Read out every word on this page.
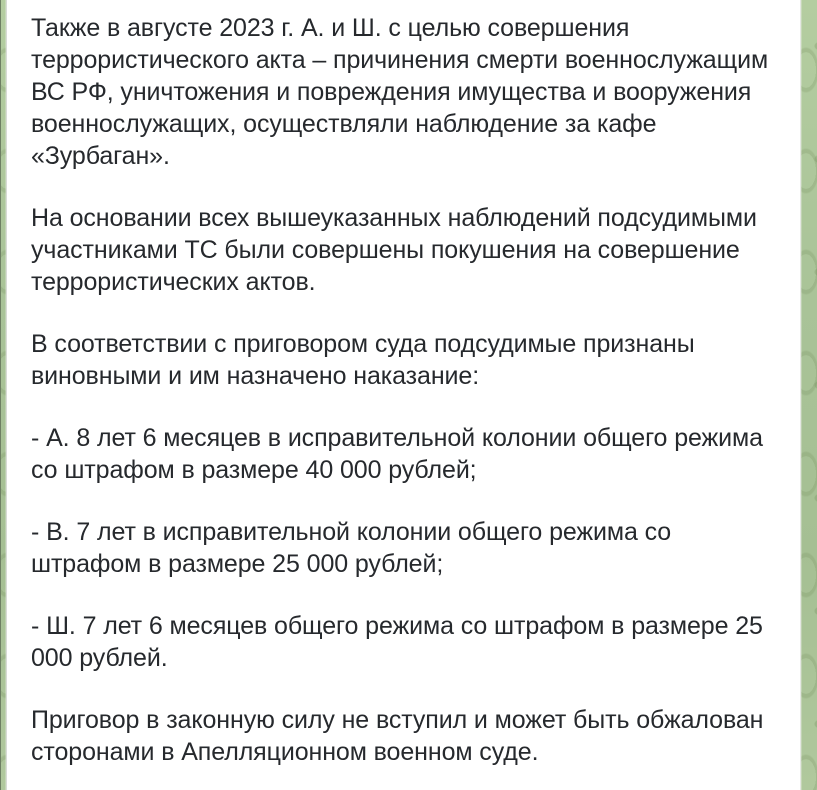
Также в августе 2023 г. А. и Ш. с целью совершения террористического акта – причинения смерти военнослужащим ВС РФ, уничтожения и повреждения имущества и вооружения военнослужащих, осуществляли наблюдение за кафе «Зурбаган».

На основании всех вышеуказанных наблюдений подсудимыми участниками ТС были совершены покушения на совершение террористических актов.

В соответствии с приговором суда подсудимые признаны виновными и им назначено наказание:

- А. 8 лет 6 месяцев в исправительной колонии общего режима со штрафом в размере 40 000 рублей;

- В. 7 лет в исправительной колонии общего режима со штрафом в размере 25 000 рублей;

- Ш. 7 лет 6 месяцев общего режима со штрафом в размере 25 000 рублей.

Приговор в законную силу не вступил и может быть обжалован сторонами в Апелляционном военном суде.
